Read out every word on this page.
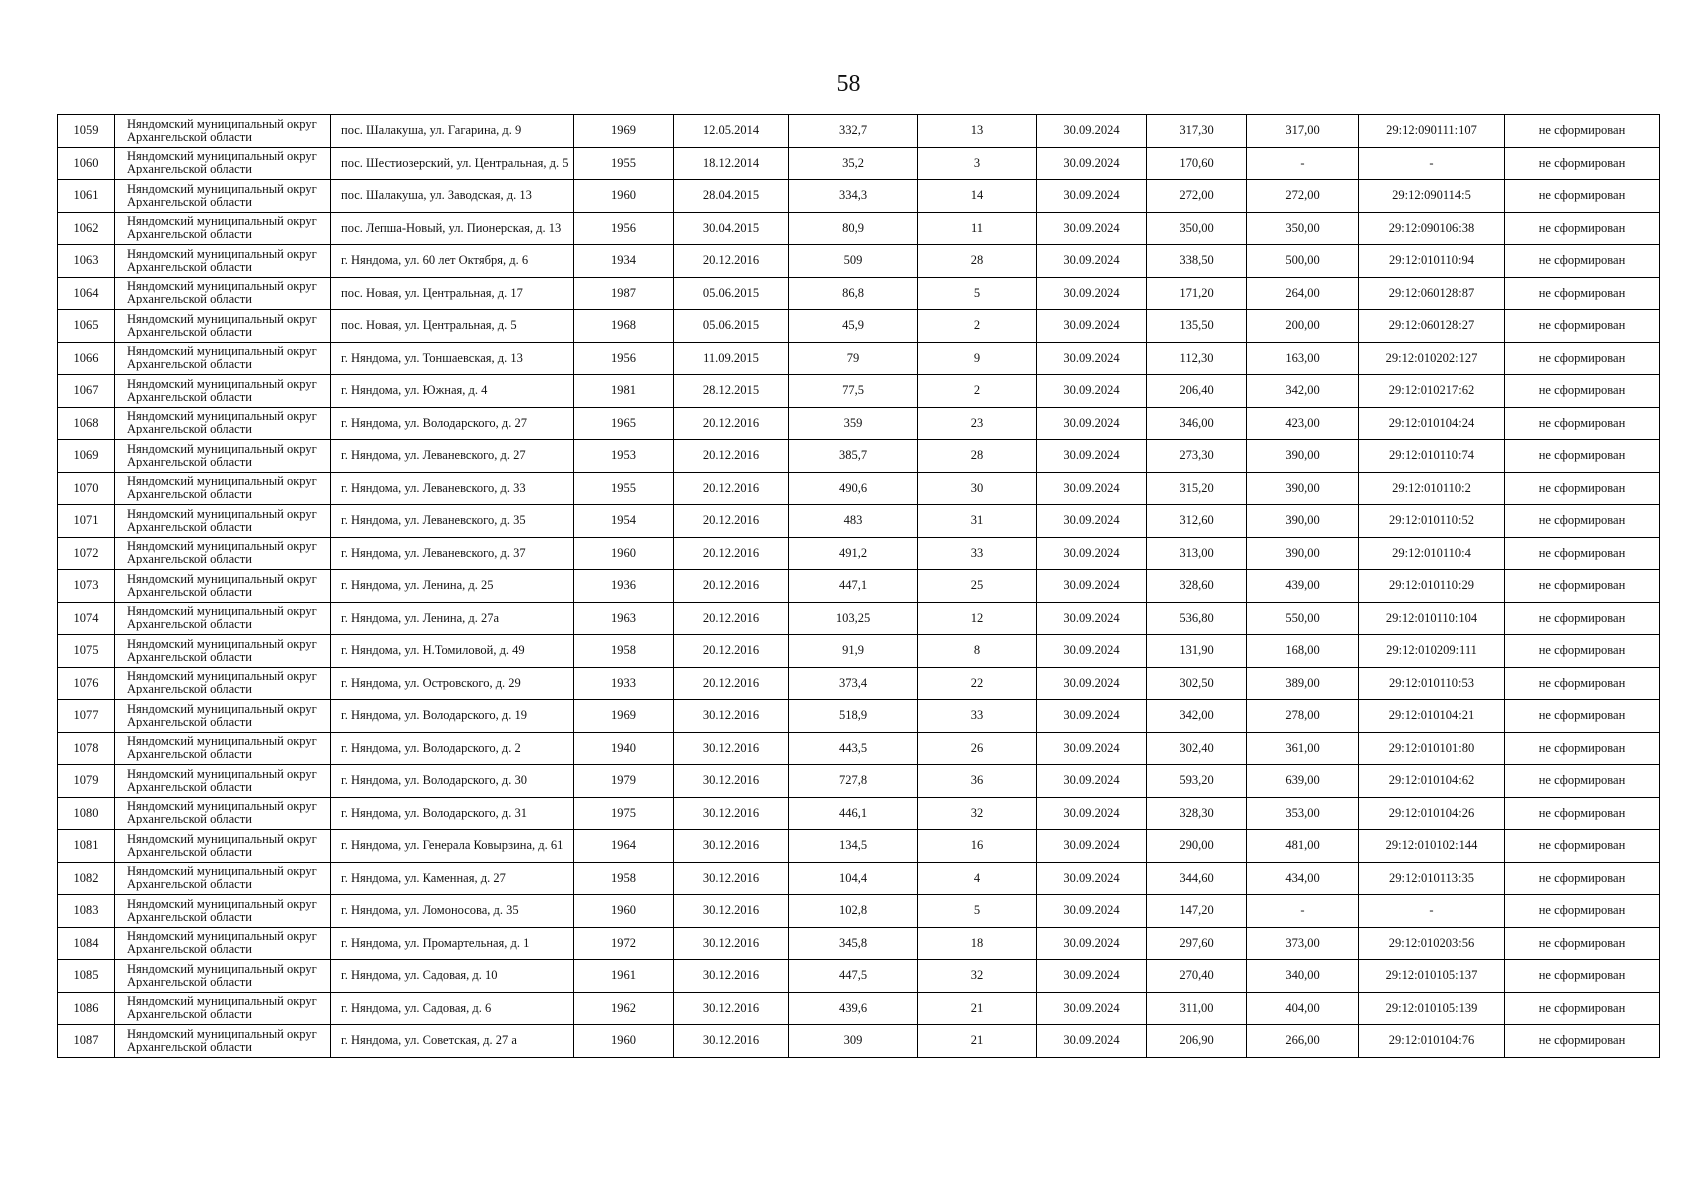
58
1059	Няндомский муниципальный округ Архангельской области	пос. Шалакуша, ул. Гагарина, д. 9	1969	12.05.2014	332,7	13	30.09.2024	317,30	317,00	29:12:090111:107	не сформирован
1060	Няндомский муниципальный округ Архангельской области	пос. Шестиозерский, ул. Центральная, д. 5	1955	18.12.2014	35,2	3	30.09.2024	170,60	-	-	не сформирован
1061	Няндомский муниципальный округ Архангельской области	пос. Шалакуша, ул. Заводская, д. 13	1960	28.04.2015	334,3	14	30.09.2024	272,00	272,00	29:12:090114:5	не сформирован
1062	Няндомский муниципальный округ Архангельской области	пос. Лепша-Новый, ул. Пионерская, д. 13	1956	30.04.2015	80,9	11	30.09.2024	350,00	350,00	29:12:090106:38	не сформирован
1063	Няндомский муниципальный округ Архангельской области	г. Няндома, ул. 60 лет Октября, д. 6	1934	20.12.2016	509	28	30.09.2024	338,50	500,00	29:12:010110:94	не сформирован
1064	Няндомский муниципальный округ Архангельской области	пос. Новая, ул. Центральная, д. 17	1987	05.06.2015	86,8	5	30.09.2024	171,20	264,00	29:12:060128:87	не сформирован
1065	Няндомский муниципальный округ Архангельской области	пос. Новая, ул. Центральная, д. 5	1968	05.06.2015	45,9	2	30.09.2024	135,50	200,00	29:12:060128:27	не сформирован
1066	Няндомский муниципальный округ Архангельской области	г. Няндома, ул. Тоншаевская, д. 13	1956	11.09.2015	79	9	30.09.2024	112,30	163,00	29:12:010202:127	не сформирован
1067	Няндомский муниципальный округ Архангельской области	г. Няндома, ул. Южная, д. 4	1981	28.12.2015	77,5	2	30.09.2024	206,40	342,00	29:12:010217:62	не сформирован
1068	Няндомский муниципальный округ Архангельской области	г. Няндома, ул. Володарского, д. 27	1965	20.12.2016	359	23	30.09.2024	346,00	423,00	29:12:010104:24	не сформирован
1069	Няндомский муниципальный округ Архангельской области	г. Няндома, ул. Леваневского, д. 27	1953	20.12.2016	385,7	28	30.09.2024	273,30	390,00	29:12:010110:74	не сформирован
1070	Няндомский муниципальный округ Архангельской области	г. Няндома, ул. Леваневского, д. 33	1955	20.12.2016	490,6	30	30.09.2024	315,20	390,00	29:12:010110:2	не сформирован
1071	Няндомский муниципальный округ Архангельской области	г. Няндома, ул. Леваневского, д. 35	1954	20.12.2016	483	31	30.09.2024	312,60	390,00	29:12:010110:52	не сформирован
1072	Няндомский муниципальный округ Архангельской области	г. Няндома, ул. Леваневского, д. 37	1960	20.12.2016	491,2	33	30.09.2024	313,00	390,00	29:12:010110:4	не сформирован
1073	Няндомский муниципальный округ Архангельской области	г. Няндома, ул. Ленина, д. 25	1936	20.12.2016	447,1	25	30.09.2024	328,60	439,00	29:12:010110:29	не сформирован
1074	Няндомский муниципальный округ Архангельской области	г. Няндома, ул. Ленина, д. 27а	1963	20.12.2016	103,25	12	30.09.2024	536,80	550,00	29:12:010110:104	не сформирован
1075	Няндомский муниципальный округ Архангельской области	г. Няндома, ул. Н.Томиловой, д. 49	1958	20.12.2016	91,9	8	30.09.2024	131,90	168,00	29:12:010209:111	не сформирован
1076	Няндомский муниципальный округ Архангельской области	г. Няндома, ул. Островского, д. 29	1933	20.12.2016	373,4	22	30.09.2024	302,50	389,00	29:12:010110:53	не сформирован
1077	Няндомский муниципальный округ Архангельской области	г. Няндома, ул. Володарского, д. 19	1969	30.12.2016	518,9	33	30.09.2024	342,00	278,00	29:12:010104:21	не сформирован
1078	Няндомский муниципальный округ Архангельской области	г. Няндома, ул. Володарского, д. 2	1940	30.12.2016	443,5	26	30.09.2024	302,40	361,00	29:12:010101:80	не сформирован
1079	Няндомский муниципальный округ Архангельской области	г. Няндома, ул. Володарского, д. 30	1979	30.12.2016	727,8	36	30.09.2024	593,20	639,00	29:12:010104:62	не сформирован
1080	Няндомский муниципальный округ Архангельской области	г. Няндома, ул. Володарского, д. 31	1975	30.12.2016	446,1	32	30.09.2024	328,30	353,00	29:12:010104:26	не сформирован
1081	Няндомский муниципальный округ Архангельской области	г. Няндома, ул. Генерала Ковырзина, д. 61	1964	30.12.2016	134,5	16	30.09.2024	290,00	481,00	29:12:010102:144	не сформирован
1082	Няндомский муниципальный округ Архангельской области	г. Няндома, ул. Каменная, д. 27	1958	30.12.2016	104,4	4	30.09.2024	344,60	434,00	29:12:010113:35	не сформирован
1083	Няндомский муниципальный округ Архангельской области	г. Няндома, ул. Ломоносова, д. 35	1960	30.12.2016	102,8	5	30.09.2024	147,20	-	-	не сформирован
1084	Няндомский муниципальный округ Архангельской области	г. Няндома, ул. Промартельная, д. 1	1972	30.12.2016	345,8	18	30.09.2024	297,60	373,00	29:12:010203:56	не сформирован
1085	Няндомский муниципальный округ Архангельской области	г. Няндома, ул. Садовая, д. 10	1961	30.12.2016	447,5	32	30.09.2024	270,40	340,00	29:12:010105:137	не сформирован
1086	Няндомский муниципальный округ Архангельской области	г. Няндома, ул. Садовая, д. 6	1962	30.12.2016	439,6	21	30.09.2024	311,00	404,00	29:12:010105:139	не сформирован
1087	Няндомский муниципальный округ Архангельской области	г. Няндома, ул. Советская, д. 27 а	1960	30.12.2016	309	21	30.09.2024	206,90	266,00	29:12:010104:76	не сформирован
